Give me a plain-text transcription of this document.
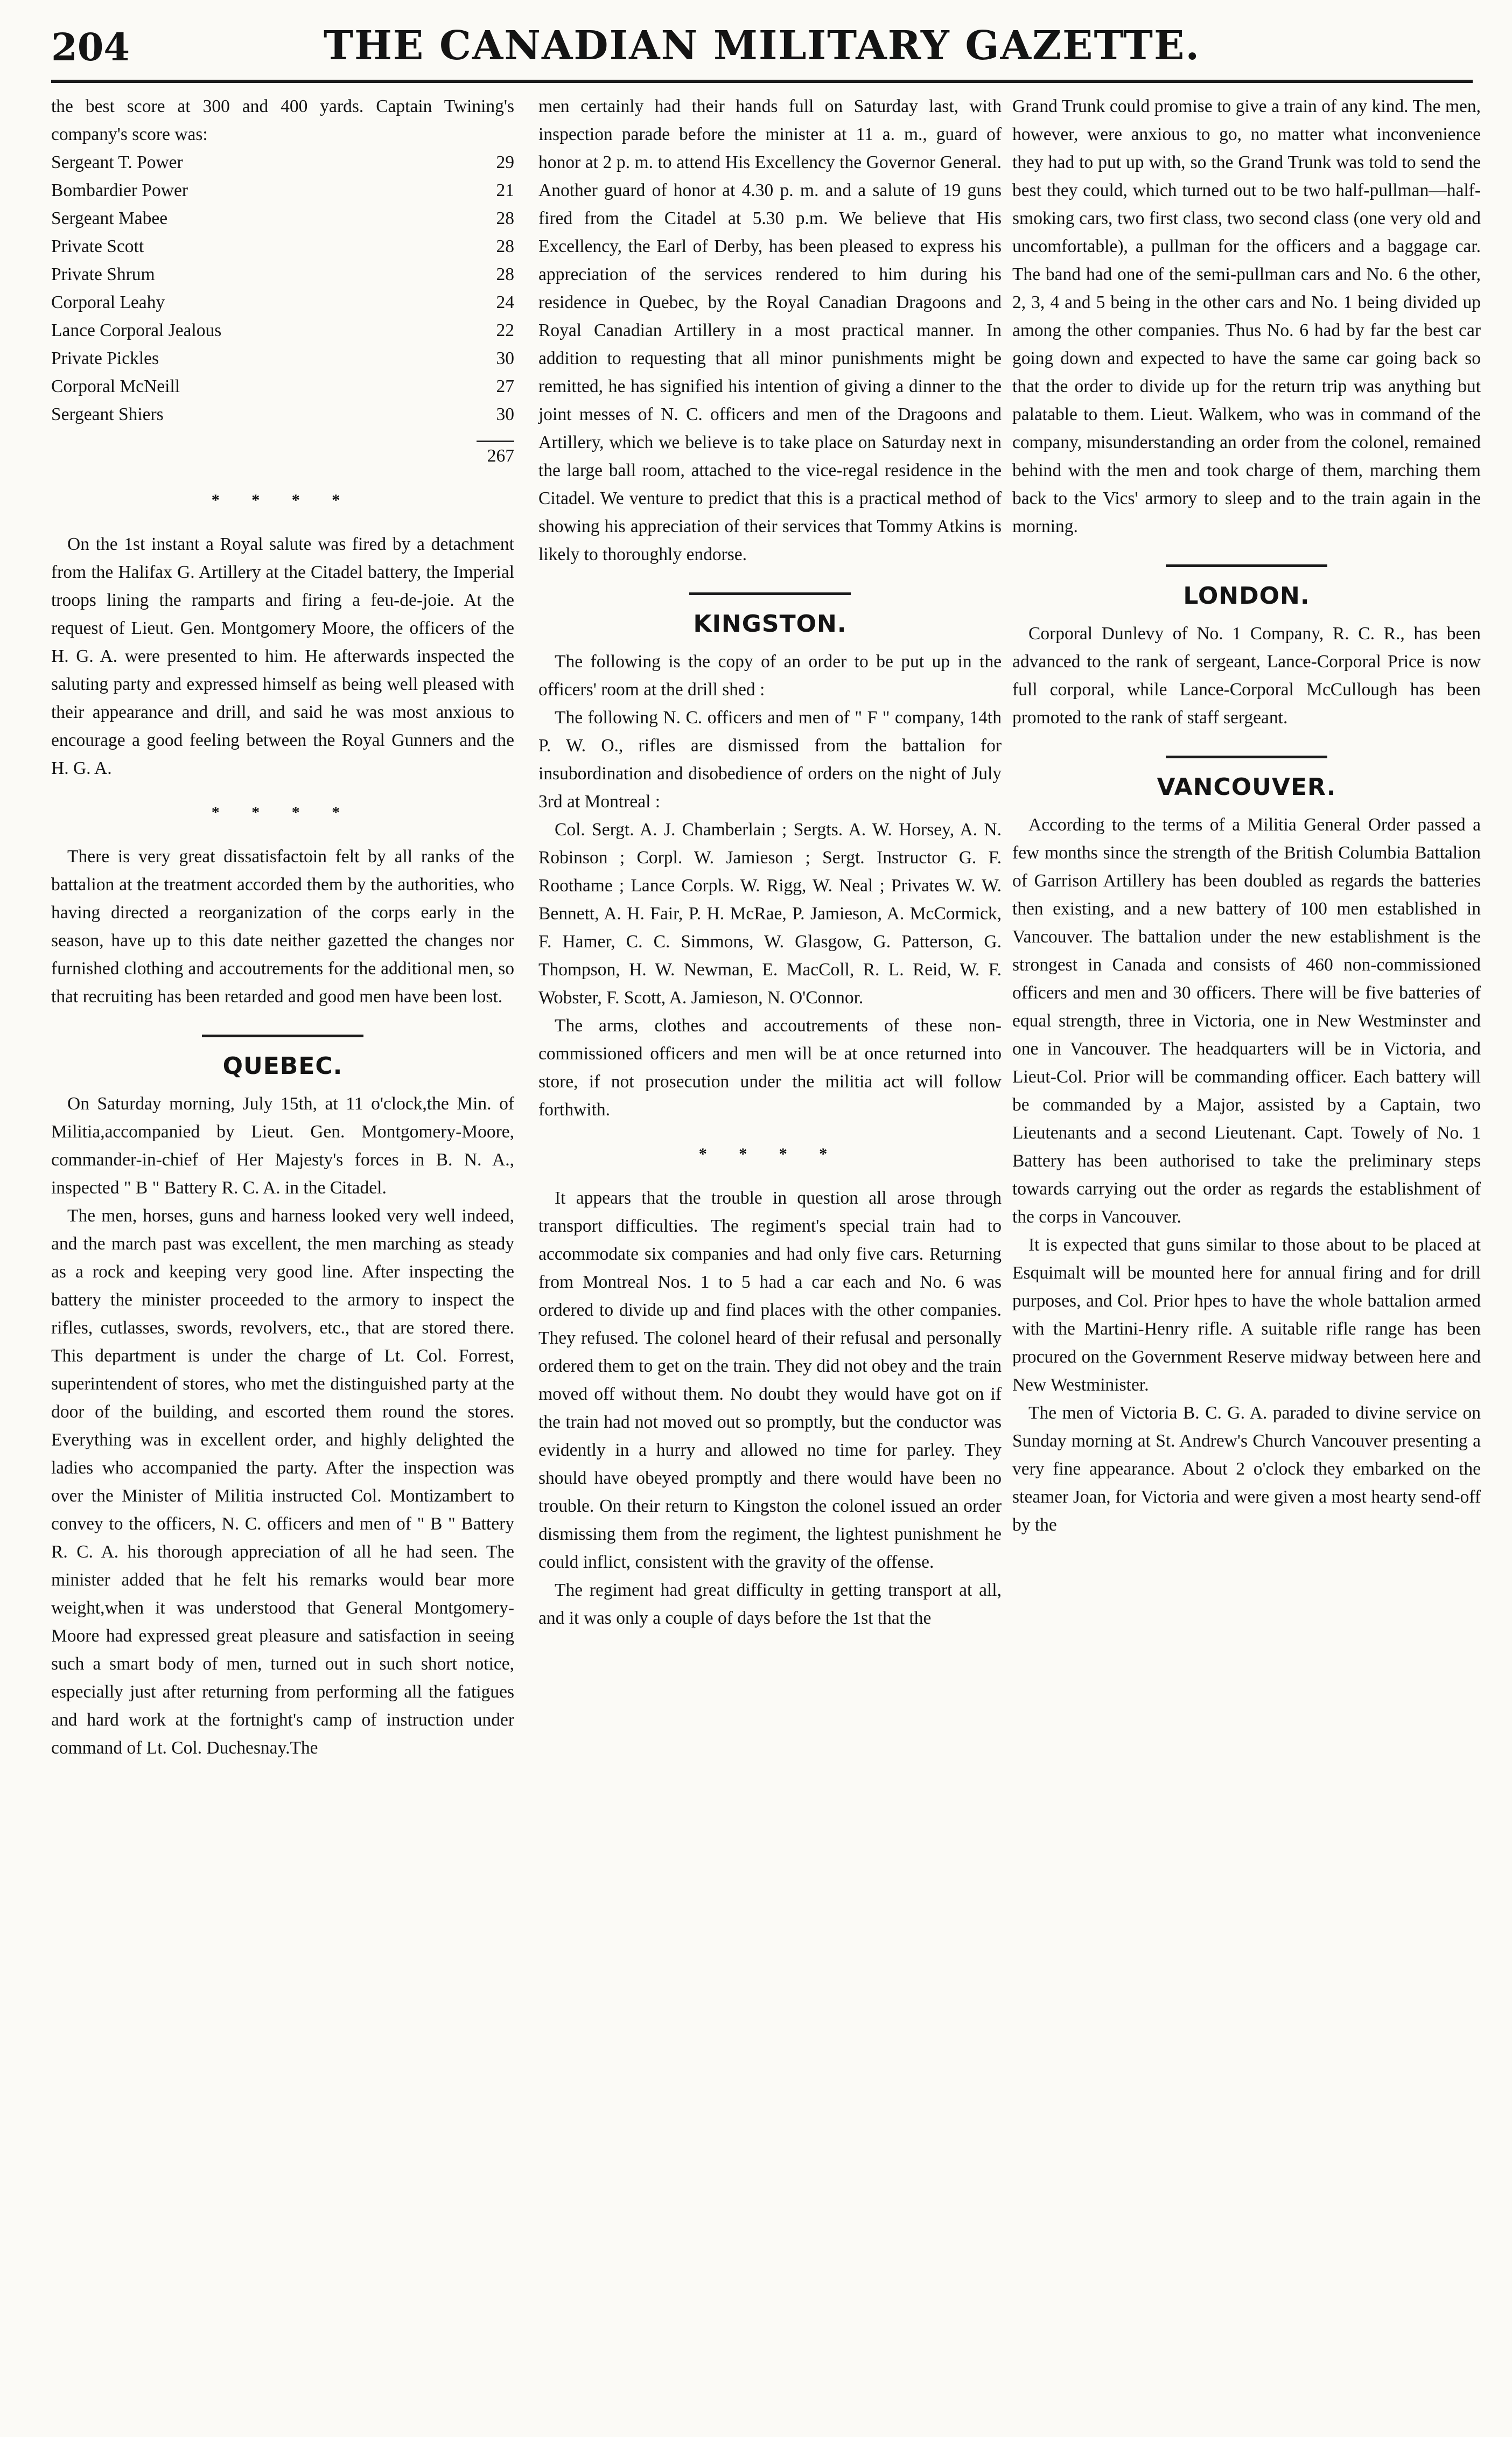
204	THE CANADIAN MILITARY GAZETTE.

the best score at 300 and 400 yards. Captain Twining's company's score was:

Sergeant T. Power	29
Bombardier Power	21
Sergeant Mabee	28
Private Scott	28
Private Shrum	28
Corporal Leahy	24
Lance Corporal Jealous	22
Private Pickles	30
Corporal McNeill	27
Sergeant Shiers	30
267
* * * *

On the 1st instant a Royal salute was fired by a detachment from the Halifax G. Artillery at the Citadel battery, the Imperial troops lining the ramparts and firing a feu-de-joie. At the request of Lieut. Gen. Montgomery Moore, the officers of the H. G. A. were presented to him. He afterwards inspected the saluting party and expressed himself as being well pleased with their appearance and drill, and said he was most anxious to encourage a good feeling between the Royal Gunners and the H. G. A.

* * * *

There is very great dissatisfactoin felt by all ranks of the battalion at the treatment accorded them by the authorities, who having directed a reorganization of the corps early in the season, have up to this date neither gazetted the changes nor furnished clothing and accoutrements for the additional men, so that recruiting has been retarded and good men have been lost.

QUEBEC.

On Saturday morning, July 15th, at 11 o'clock,the Min. of Militia,accompanied by Lieut. Gen. Montgomery-Moore, commander-in-chief of Her Majesty's forces in B. N. A., inspected " B " Battery R. C. A. in the Citadel.

The men, horses, guns and harness looked very well indeed, and the march past was excellent, the men marching as steady as a rock and keeping very good line. After inspecting the battery the minister proceeded to the armory to inspect the rifles, cutlasses, swords, revolvers, etc., that are stored there. This department is under the charge of Lt. Col. Forrest, superintendent of stores, who met the distinguished party at the door of the building, and escorted them round the stores. Everything was in excellent order, and highly delighted the ladies who accompanied the party. After the inspection was over the Minister of Militia instructed Col. Montizambert to convey to the officers, N. C. officers and men of " B " Battery R. C. A. his thorough appreciation of all he had seen. The minister added that he felt his remarks would bear more weight,when it was understood that General Montgomery-Moore had expressed great pleasure and satisfaction in seeing such a smart body of men, turned out in such short notice, especially just after returning from performing all the fatigues and hard work at the fortnight's camp of instruction under command of Lt. Col. Duchesnay.The

men certainly had their hands full on Saturday last, with inspection parade before the minister at 11 a. m., guard of honor at 2 p. m. to attend His Excellency the Governor General. Another guard of honor at 4.30 p. m. and a salute of 19 guns fired from the Citadel at 5.30 p.m. We believe that His Excellency, the Earl of Derby, has been pleased to express his appreciation of the services rendered to him during his residence in Quebec, by the Royal Canadian Dragoons and Royal Canadian Artillery in a most practical manner. In addition to requesting that all minor punishments might be remitted, he has signified his intention of giving a dinner to the joint messes of N. C. officers and men of the Dragoons and Artillery, which we believe is to take place on Saturday next in the large ball room, attached to the vice-regal residence in the Citadel. We venture to predict that this is a practical method of showing his appreciation of their services that Tommy Atkins is likely to thoroughly endorse.

KINGSTON.

The following is the copy of an order to be put up in the officers' room at the drill shed :

The following N. C. officers and men of " F " company, 14th P. W. O., rifles are dismissed from the battalion for insubordination and disobedience of orders on the night of July 3rd at Montreal :

Col. Sergt. A. J. Chamberlain ; Sergts. A. W. Horsey, A. N. Robinson ; Corpl. W. Jamieson ; Sergt. Instructor G. F. Roothame ; Lance Corpls. W. Rigg, W. Neal ; Privates W. W. Bennett, A. H. Fair, P. H. McRae, P. Jamieson, A. McCormick, F. Hamer, C. C. Simmons, W. Glasgow, G. Patterson, G. Thompson, H. W. Newman, E. MacColl, R. L. Reid, W. F. Wobster, F. Scott, A. Jamieson, N. O'Connor.

The arms, clothes and accoutrements of these non-commissioned officers and men will be at once returned into store, if not prosecution under the militia act will follow forthwith.

* * * *

It appears that the trouble in question all arose through transport difficulties. The regiment's special train had to accommodate six companies and had only five cars. Returning from Montreal Nos. 1 to 5 had a car each and No. 6 was ordered to divide up and find places with the other companies. They refused. The colonel heard of their refusal and personally ordered them to get on the train. They did not obey and the train moved off without them. No doubt they would have got on if the train had not moved out so promptly, but the conductor was evidently in a hurry and allowed no time for parley. They should have obeyed promptly and there would have been no trouble. On their return to Kingston the colonel issued an order dismissing them from the regiment, the lightest punishment he could inflict, consistent with the gravity of the offense.

The regiment had great difficulty in getting transport at all, and it was only a couple of days before the 1st that the

Grand Trunk could promise to give a train of any kind. The men, however, were anxious to go, no matter what inconvenience they had to put up with, so the Grand Trunk was told to send the best they could, which turned out to be two half-pullman—half-smoking cars, two first class, two second class (one very old and uncomfortable), a pullman for the officers and a baggage car. The band had one of the semi-pullman cars and No. 6 the other, 2, 3, 4 and 5 being in the other cars and No. 1 being divided up among the other companies. Thus No. 6 had by far the best car going down and expected to have the same car going back so that the order to divide up for the return trip was anything but palatable to them. Lieut. Walkem, who was in command of the company, misunderstanding an order from the colonel, remained behind with the men and took charge of them, marching them back to the Vics' armory to sleep and to the train again in the morning.

LONDON.

Corporal Dunlevy of No. 1 Company, R. C. R., has been advanced to the rank of sergeant, Lance-Corporal Price is now full corporal, while Lance-Corporal McCullough has been promoted to the rank of staff sergeant.

VANCOUVER.

According to the terms of a Militia General Order passed a few months since the strength of the British Columbia Battalion of Garrison Artillery has been doubled as regards the batteries then existing, and a new battery of 100 men established in Vancouver. The battalion under the new establishment is the strongest in Canada and consists of 460 non-commissioned officers and men and 30 officers. There will be five batteries of equal strength, three in Victoria, one in New Westminster and one in Vancouver. The headquarters will be in Victoria, and Lieut-Col. Prior will be commanding officer. Each battery will be commanded by a Major, assisted by a Captain, two Lieutenants and a second Lieutenant. Capt. Towely of No. 1 Battery has been authorised to take the preliminary steps towards carrying out the order as regards the establishment of the corps in Vancouver.

It is expected that guns similar to those about to be placed at Esquimalt will be mounted here for annual firing and for drill purposes, and Col. Prior hpes to have the whole battalion armed with the Martini-Henry rifle. A suitable rifle range has been procured on the Government Reserve midway between here and New Westminister.

The men of Victoria B. C. G. A. paraded to divine service on Sunday morning at St. Andrew's Church Vancouver presenting a very fine appearance. About 2 o'clock they embarked on the steamer Joan, for Victoria and were given a most hearty send-off by the
